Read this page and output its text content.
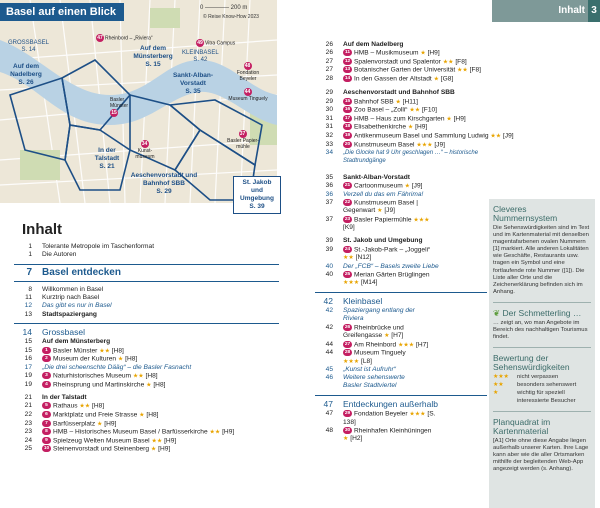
Basel auf einen Blick	0 ———— 200 m
© Reise Know-How 2023
GROSSBASEL
S. 14
Auf dem Nadelberg
S. 26
Auf dem Münsterberg
S. 15
KLEINBASEL
S. 42
Sankt-Alban-Vorstadt
S. 35
In der Talstadt
S. 21
Aeschenvorstadt und Bahnhof SBB
S. 29
St. Jakob und Umgebung
S. 39
47 Rheinbord – „Riviera“
49 Vitra Campus
48
Fondation Beyeler
44
Museum Tinguely
Basler Münster 15
34
Kunst- museum
37
Basler Papier- mühle
Inhalt 3
Inhalt
1 Tolerante Metropole im Taschenformat
1 Die Autoren
7 Basel entdecken
8 Willkommen in Basel
11 Kurztrip nach Basel
12 Das gibt es nur in Basel
13 Stadtspaziergang
14 Grossbasel
15 Auf dem Münsterberg
15	1 Basler Münster ★★ [H8]
16	2 Museum der Kulturen ★ [H8]
17 „Die drei scheenschte Dääg“ – die Basler Fasnacht
19	3 Naturhistorisches Museum ★★ [H8]
19	4 Rheinsprung und Martinskirche ★ [H8]
21 In der Talstadt
21	5 Rathaus ★★ [H8]
22	6 Marktplatz und Freie Strasse ★ [H8]
23	7 Barfüsserplatz ★ [H9]
23	8 HMB – Historisches Museum Basel / Barfüsserkirche ★★ [H9]
24	9 Spielzeug Welten Museum Basel ★★ [H9]
25	10 Steinenvorstadt und Steinenberg ★ [H9]
26 Auf dem Nadelberg
26	11 HMB – Musikmuseum ★ [H9]
27	12 Spalenvorstadt und Spalentor ★★ [F8]
27	13 Botanischer Garten der Universität ★★ [F8]
28	14 In den Gassen der Altstadt ★ [G8]
29 Aeschenvorstadt und Bahnhof SBB
29	15 Bahnhof SBB ★ [H11]
30	16 Zoo Basel – „Zolli“ ★★ [F10]
31	17 HMB – Haus zum Kirschgarten ★ [H9]
31	18 Elisabethenkirche ★ [H9]
32	19 Antikenmuseum Basel und Sammlung Ludwig ★★ [J9]
33	20 Kunstmuseum Basel ★★★ [J9]
34 „Die Glocke hat 9 Uhr geschlagen …“ – historische Stadtrundgänge
35 Sankt-Alban-Vorstadt
36	21 Cartoonmuseum ★ [J9]
36 Verzell du das em Fährima!
37	22 Kunstmuseum Basel | Gegenwart ★ [J9]
37	23 Basler Papiermühle ★★★ [K9]
39 St. Jakob und Umgebung
39	24 St.-Jakob-Park – „Joggeli“ ★★ [N12]
40 Der „FCB“ – Basels zweite Liebe
40	25 Merian Gärten Brüglingen ★★★ [M14]
42 Kleinbasel
42 Spaziergang entlang der Riviera
42	26 Rheinbrücke und Greifengasse ★ [H7]
44	27 Am Rheinbord ★★★ [H7]
44	28 Museum Tinguely ★★★ [L8]
45 „Kunst ist Aufruhr“
46 Weitere sehenswerte Basler Stadtviertel
47 Entdeckungen außerhalb
47	29 Fondation Beyeler ★★★ [S. 138]
48	30 Rheinhafen Kleinhüningen ★ [H2]
Cleveres Nummernsystem
Die Sehenswürdigkeiten sind im Text und im Kartenmaterial mit denselben magentafarbenen ovalen Nummern [1] markiert. Alle anderen Lokalitäten wie Geschäfte, Restaurants usw. tragen ein Symbol und eine fortlaufende rote Nummer ([1]). Die Liste aller Orte und die Zeichenerklärung befinden sich im Anhang.
❦ Der Schmetterling …
… zeigt an, wo man Angebote im Bereich des nachhaltigen Tourismus findet.
Bewertung der Sehenswürdigkeiten
★★★	nicht verpassen
★★	besonders sehenswert
★	wichtig für speziell interessierte Besucher
Planquadrat im Kartenmaterial
[A1] Orte ohne diese Angabe liegen außerhalb unserer Karten. Ihre Lage kann aber wie die aller Ortsmarken mithilfe der begleitenden Web-App angezeigt werden (s. Anhang).
